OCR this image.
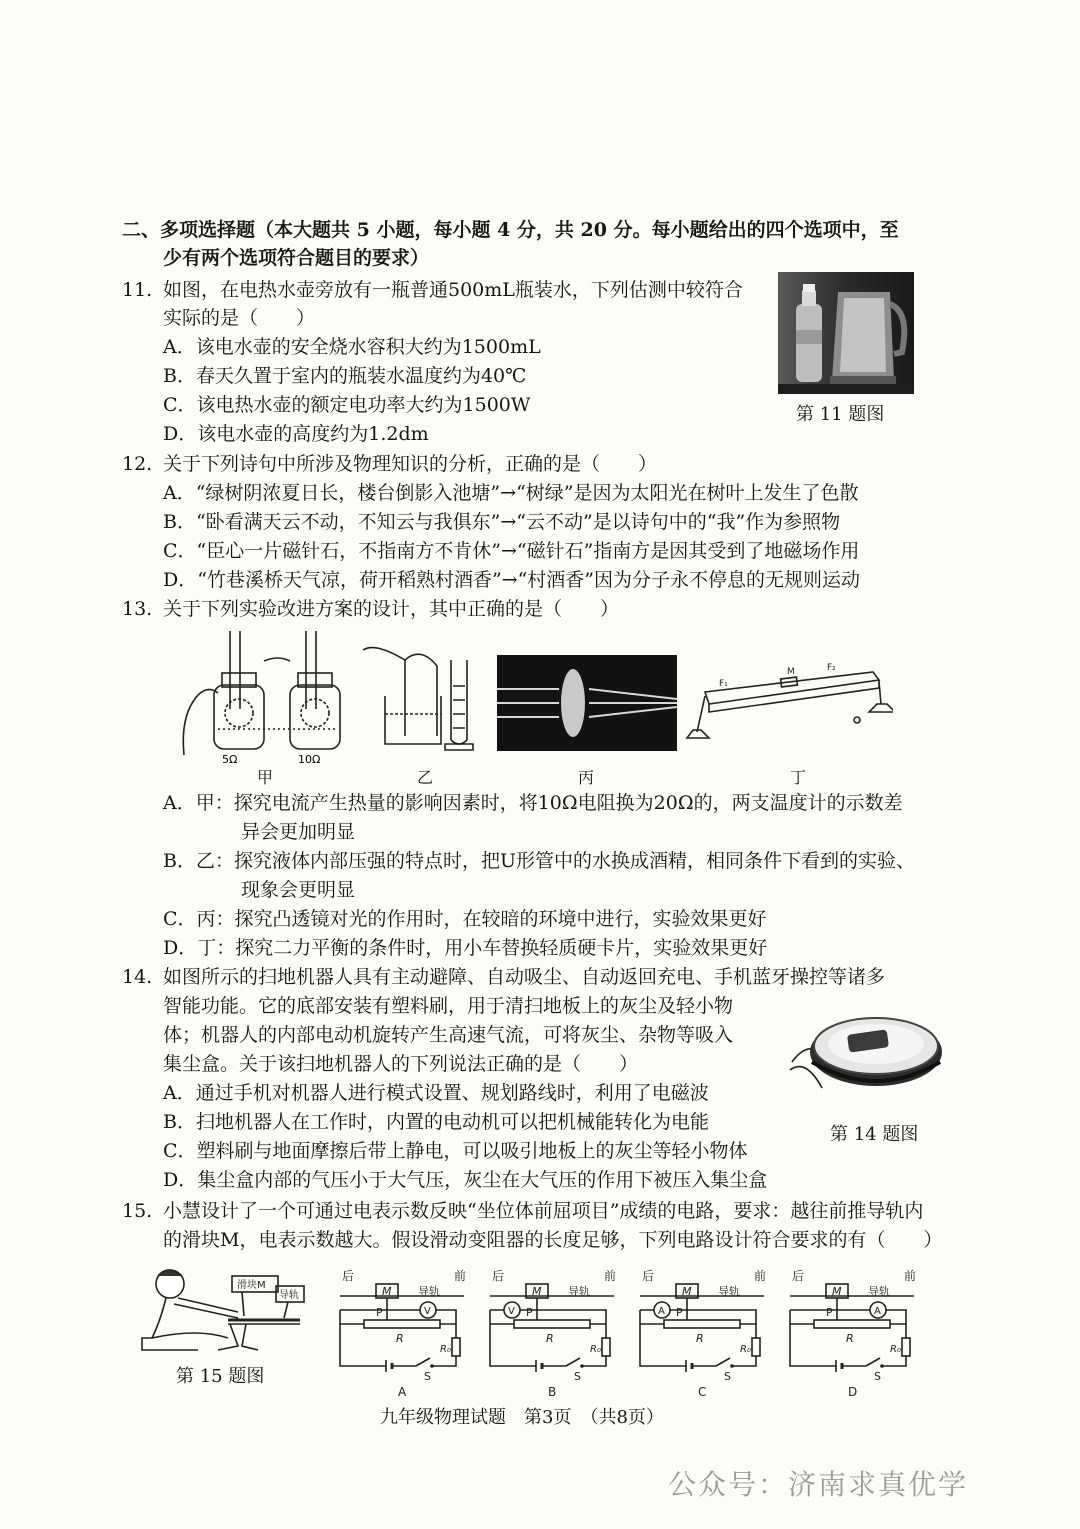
二、多项选择题（本大题共 5 小题，每小题 4 分，共 20 分。每小题给出的四个选项中，至
少有两个选项符合题目的要求）
11. 如图，在电热水壶旁放有一瓶普通500mL瓶装水，下列估测中较符合
实际的是（　　）
A．该电水壶的安全烧水容积大约为1500mL
B．春天久置于室内的瓶装水温度约为40℃
C．该电热水壶的额定电功率大约为1500W
D．该电水壶的高度约为1.2dm
第 11 题图
12. 关于下列诗句中所涉及物理知识的分析，正确的是（　　）
A．“绿树阴浓夏日长，楼台倒影入池塘”→“树绿”是因为太阳光在树叶上发生了色散
B．“卧看满天云不动，不知云与我俱东”→“云不动”是以诗句中的“我”作为参照物
C．“臣心一片磁针石，不指南方不肯休”→“磁针石”指南方是因其受到了地磁场作用
D．“竹巷溪桥天气凉，荷开稻熟村酒香”→“村酒香”因为分子永不停息的无规则运动
13. 关于下列实验改进方案的设计，其中正确的是（　　）
5Ω	10Ω
F₁
M	F₂
甲	乙	丙	丁
A．甲：探究电流产生热量的影响因素时，将10Ω电阻换为20Ω的，两支温度计的示数差
异会更加明显
B．乙：探究液体内部压强的特点时，把U形管中的水换成酒精，相同条件下看到的实验、
现象会更明显
C．丙：探究凸透镜对光的作用时，在较暗的环境中进行，实验效果更好
D．丁：探究二力平衡的条件时，用小车替换轻质硬卡片，实验效果更好
14. 如图所示的扫地机器人具有主动避障、自动吸尘、自动返回充电、手机蓝牙操控等诸多
智能功能。它的底部安装有塑料刷，用于清扫地板上的灰尘及轻小物
体；机器人的内部电动机旋转产生高速气流，可将灰尘、杂物等吸入
集尘盒。关于该扫地机器人的下列说法正确的是（　　）
A．通过手机对机器人进行模式设置、规划路线时，利用了电磁波
B．扫地机器人在工作时，内置的电动机可以把机械能转化为电能
C．塑料刷与地面摩擦后带上静电，可以吸引地板上的灰尘等轻小物体
D．集尘盒内部的气压小于大气压，灰尘在大气压的作用下被压入集尘盒
第 14 题图
15. 小慧设计了一个可通过电表示数反映“坐位体前屈项目”成绩的电路，要求：越往前推导轨内
的滑块M，电表示数越大。假设滑动变阻器的长度足够，下列电路设计符合要求的有（　　）
滑块M
导轨
第 15 题图
后	前
M 导轨
V
P
R
R₀
S
A
后	前
M 导轨
V P
R
R₀
S
B
后	前
M 导轨
A P
R
R₀
S
C
后	前
M 导轨
A
P
R
R₀
S
D
九年级物理试题　第3页　（共8页）
公众号：济南求真优学
